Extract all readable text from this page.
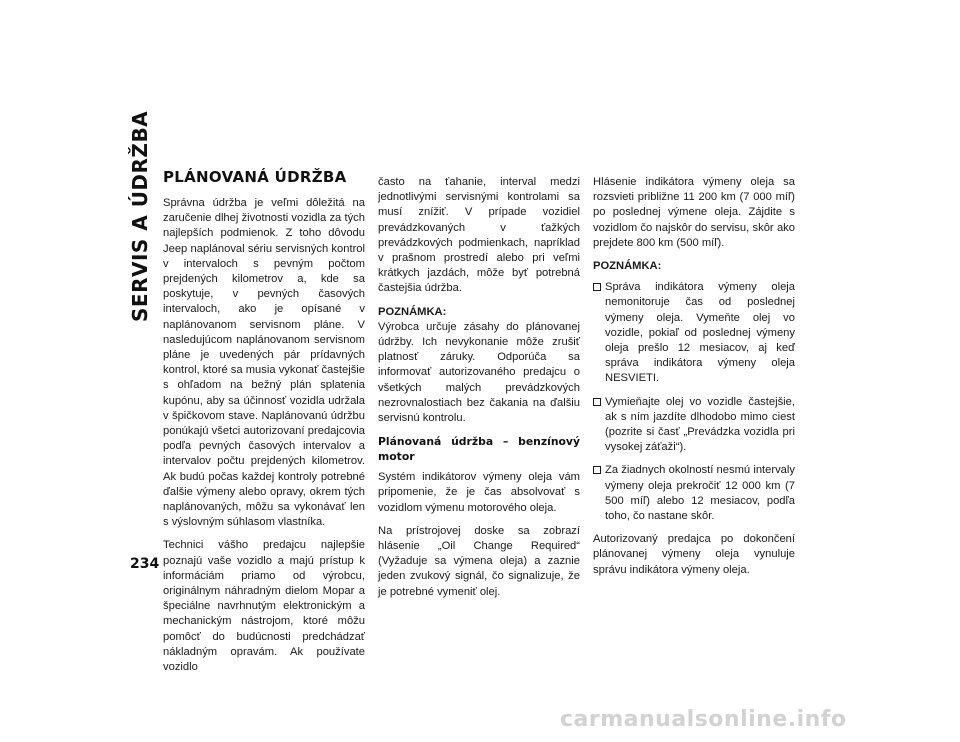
SERVIS A ÚDRŽBA PLÁNOVANÁ ÚDRŽBA

Správna údržba je veľmi dôležitá na zaručenie dlhej životnosti vozidla za tých najlepších podmienok. Z toho dôvodu Jeep naplánoval sériu servisných kontrol v intervaloch s pevným počtom prejdených kilometrov a, kde sa poskytuje, v pevných časových intervaloch, ako je opísané v naplánovanom servisnom pláne. V nasledujúcom naplánovanom servisnom pláne je uvedených pár prídavných kontrol, ktoré sa musia vykonať častejšie s ohľadom na bežný plán splatenia kupónu, aby sa účinnosť vozidla udržala v špičkovom stave. Naplánovanú údržbu ponúkajú všetci autorizovaní predajcovia podľa pevných časových intervalov a intervalov počtu prejdených kilometrov. Ak budú počas každej kontroly potrebné ďalšie výmeny alebo opravy, okrem tých naplánovaných, môžu sa vykonávať len s výslovným súhlasom vlastníka.

Technici vášho predajcu najlepšie poznajú vaše vozidlo a majú prístup k informáciám priamo od výrobcu, originálnym náhradným dielom Mopar a špeciálne navrhnutým elektronickým a mechanickým nástrojom, ktoré môžu pomôcť do budúcnosti predchádzať nákladným opravám. Ak používate vozidlo

často na ťahanie, interval medzi jednotlivými servisnými kontrolami sa musí znížiť. V prípade vozidiel prevádzkovaných v ťažkých prevádzkových podmienkach, napríklad v prašnom prostredí alebo pri veľmi krátkych jazdách, môže byť potrebná častejšia údržba.

POZNÁMKA:

Výrobca určuje zásahy do plánovanej údržby. Ich nevykonanie môže zrušiť platnosť záruky. Odporúča sa informovať autorizovaného predajcu o všetkých malých prevádzkových nezrovnalostiach bez čakania na ďalšiu servisnú kontrolu.

Plánovaná údržba – benzínový motor

Systém indikátorov výmeny oleja vám pripomenie, že je čas absolvovať s vozidlom výmenu motorového oleja.

Na prístrojovej doske sa zobrazí hlásenie „Oil Change Required“ (Vyžaduje sa výmena oleja) a zaznie jeden zvukový signál, čo signalizuje, že je potrebné vymeniť olej.

Hlásenie indikátora výmeny oleja sa rozsvieti približne 11 200 km (7 000 míľ) po poslednej výmene oleja. Zájdite s vozidlom čo najskôr do servisu, skôr ako prejdete 800 km (500 míľ).

POZNÁMKA:
Správa indikátora výmeny oleja nemonitoruje čas od poslednej výmeny oleja. Vymeňte olej vo vozidle, pokiaľ od poslednej výmeny oleja prešlo 12 mesiacov, aj keď správa indikátora výmeny oleja NESVIETI.
Vymieňajte olej vo vozidle častejšie, ak s ním jazdíte dlhodobo mimo ciest (pozrite si časť „Prevádzka vozidla pri vysokej záťaži“).
Za žiadnych okolností nesmú intervaly výmeny oleja prekročiť 12 000 km (7 500 míľ) alebo 12 mesiacov, podľa toho, čo nastane skôr.

Autorizovaný predajca po dokončení plánovanej výmeny oleja vynuluje správu indikátora výmeny oleja.

234
carmanualsonline.info
